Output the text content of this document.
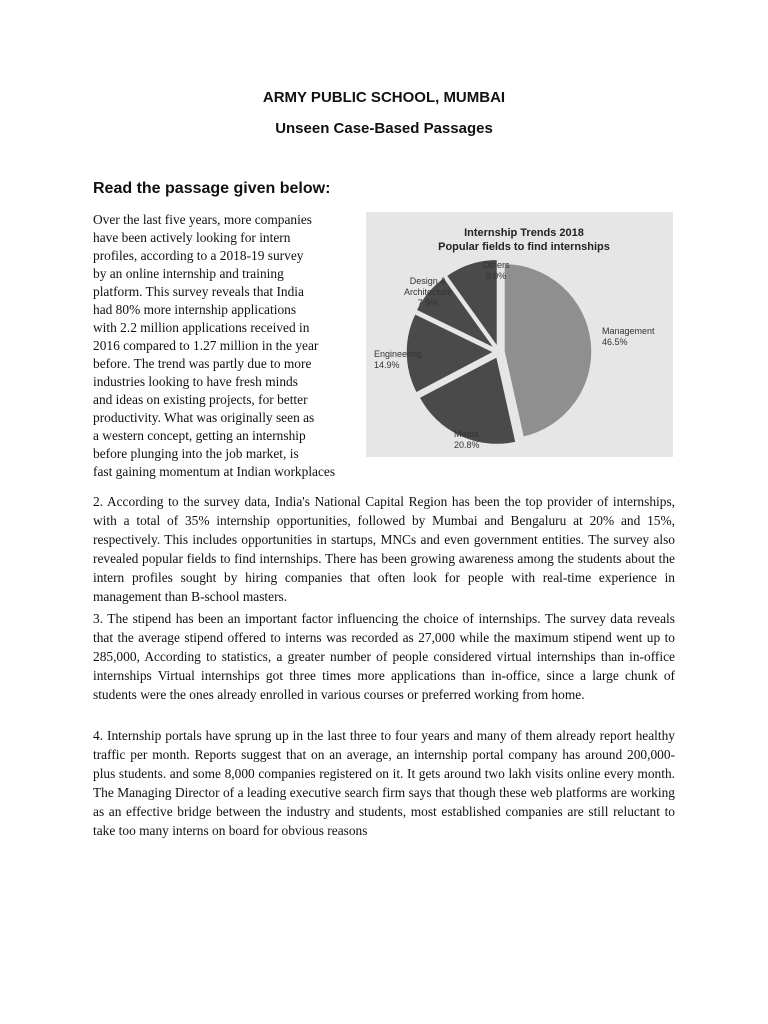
ARMY PUBLIC SCHOOL, MUMBAI
Unseen Case-Based Passages
Read the passage given below:
Over the last five years, more companies
have been actively looking for intern
profiles, according to a 2018-19 survey
by an online internship and training
platform. This survey reveals that India
had 80% more internship applications
with 2.2 million applications received in
2016 compared to 1.27 million in the year
before. The trend was partly due to more
industries looking to have fresh minds
and ideas on existing projects, for better
productivity. What was originally seen as
a western concept, getting an internship
before plunging into the job market, is
fast gaining momentum at Indian workplaces
Internship Trends 2018
Popular fields to find internships
Management
46.5%
Media
20.8%
Engineering
14.9%
Design &
Architecture
7.9%
Others
9.9%
2. According to the survey data, India's National Capital Region has been the top provider of internships, with a total of 35% internship opportunities, followed by Mumbai and Bengaluru at 20% and 15%, respectively. This includes opportunities in startups, MNCs and even government entities. The survey also revealed popular fields to find internships. There has been growing awareness among the students about the intern profiles sought by hiring companies that often look for people with real-time experience in management than B-school masters.
3. The stipend has been an important factor influencing the choice of internships. The survey data reveals that the average stipend offered to interns was recorded as 27,000 while the maximum stipend went up to 285,000, According to statistics, a greater number of people considered virtual internships than in-office internships Virtual internships got three times more applications than in-office, since a large chunk of students were the ones already enrolled in various courses or preferred working from home.
4. Internship portals have sprung up in the last three to four years and many of them already report healthy traffic per month. Reports suggest that on an average, an internship portal company has around 200,000-plus students. and some 8,000 companies registered on it. It gets around two lakh visits online every month. The Managing Director of a leading executive search firm says that though these web platforms are working as an effective bridge between the industry and students, most established companies are still reluctant to take too many interns on board for obvious reasons
